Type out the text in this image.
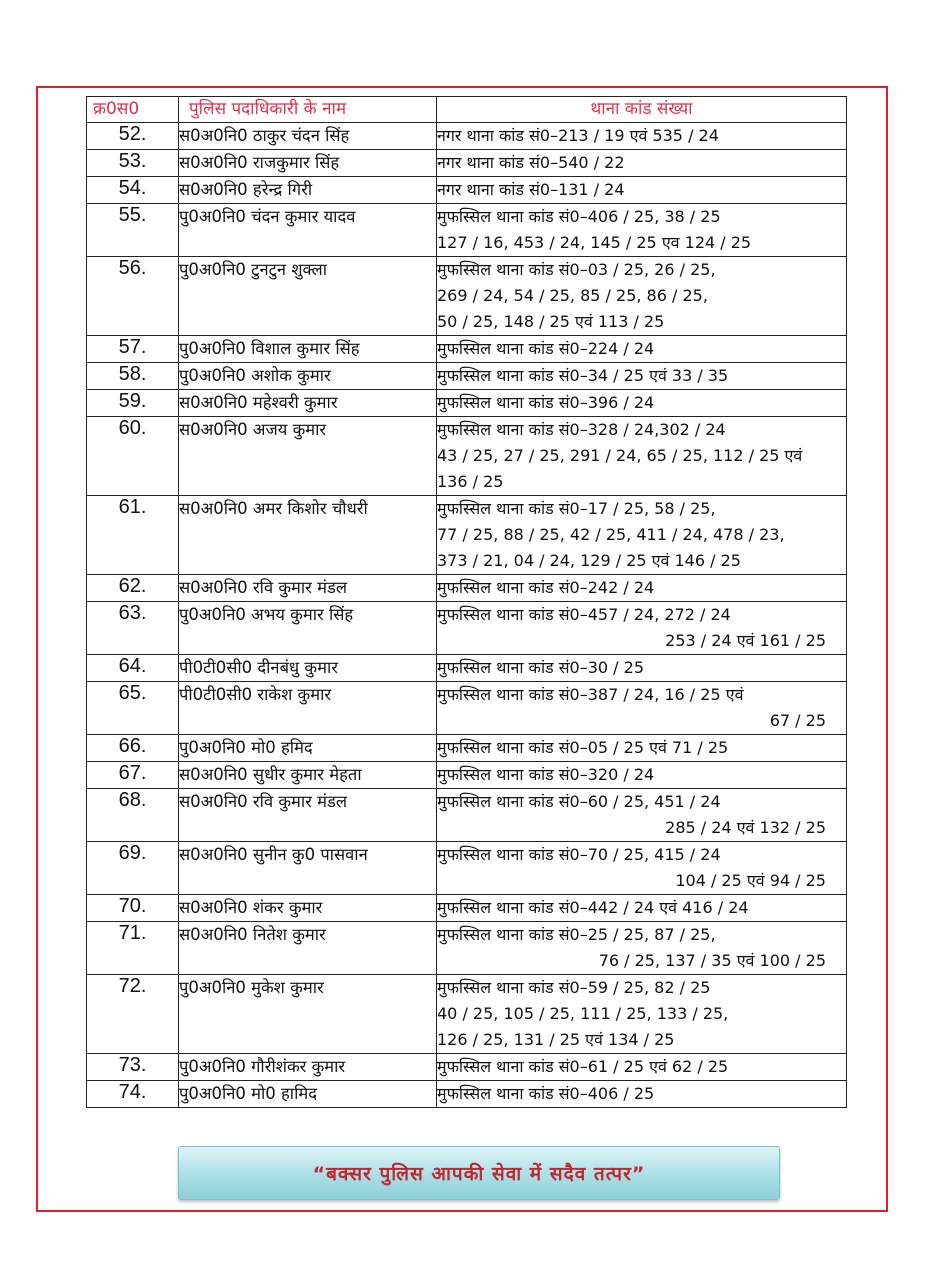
क्र0स0	पुलिस पदाधिकारी के नाम	थाना कांड संख्या
52.	स0अ0नि0 ठाकुर चंदन सिंह	नगर थाना कांड सं0–213 / 19 एवं 535 / 24

53.	स0अ0नि0 राजकुमार सिंह	नगर थाना कांड सं0–540 / 22

54.	स0अ0नि0 हरेन्द्र गिरी	नगर थाना कांड सं0–131 / 24

55.	पु0अ0नि0 चंदन कुमार यादव	मुफस्सिल थाना कांड सं0–406 / 25, 38 / 25
127 / 16, 453 / 24, 145 / 25 एव 124 / 25

56.	पु0अ0नि0 टुनटुन शुक्ला	मुफस्सिल थाना कांड सं0–03 / 25, 26 / 25,
269 / 24, 54 / 25, 85 / 25, 86 / 25,
50 / 25, 148 / 25 एवं 113 / 25

57.	पु0अ0नि0 विशाल कुमार सिंह	मुफस्सिल थाना कांड सं0–224 / 24

58.	पु0अ0नि0 अशोक कुमार	मुफस्सिल थाना कांड सं0–34 / 25 एवं 33 / 35

59.	स0अ0नि0 महेश्वरी कुमार	मुफस्सिल थाना कांड सं0–396 / 24

60.	स0अ0नि0 अजय कुमार	मुफस्सिल थाना कांड सं0–328 / 24,302 / 24
43 / 25, 27 / 25, 291 / 24, 65 / 25, 112 / 25 एवं
136 / 25

61.	स0अ0नि0 अमर किशोर चौधरी	मुफस्सिल थाना कांड सं0–17 / 25, 58 / 25,
77 / 25, 88 / 25, 42 / 25, 411 / 24, 478 / 23,
373 / 21, 04 / 24, 129 / 25 एवं 146 / 25

62.	स0अ0नि0 रवि कुमार मंडल	मुफस्सिल थाना कांड सं0–242 / 24

63.	पु0अ0नि0 अभय कुमार सिंह	मुफस्सिल थाना कांड सं0–457 / 24, 272 / 24
253 / 24 एवं 161 / 25

64.	पी0टी0सी0 दीनबंधु कुमार	मुफस्सिल थाना कांड सं0–30 / 25

65.	पी0टी0सी0 राकेश कुमार	मुफस्सिल थाना कांड सं0–387 / 24, 16 / 25 एवं
67 / 25

66.	पु0अ0नि0 मो0 हमिद	मुफस्सिल थाना कांड सं0–05 / 25 एवं 71 / 25

67.	स0अ0नि0 सुधीर कुमार मेहता	मुफस्सिल थाना कांड सं0–320 / 24

68.	स0अ0नि0 रवि कुमार मंडल	मुफस्सिल थाना कांड सं0–60 / 25, 451 / 24
285 / 24 एवं 132 / 25

69.	स0अ0नि0 सुनीन कु0 पासवान	मुफस्सिल थाना कांड सं0–70 / 25, 415 / 24
104 / 25 एवं 94 / 25

70.	स0अ0नि0 शंकर कुमार	मुफस्सिल थाना कांड सं0–442 / 24 एवं 416 / 24

71.	स0अ0नि0 नितेश कुमार	मुफस्सिल थाना कांड सं0–25 / 25, 87 / 25,
76 / 25, 137 / 35 एवं 100 / 25

72.	पु0अ0नि0 मुकेश कुमार	मुफस्सिल थाना कांड सं0–59 / 25, 82 / 25
40 / 25, 105 / 25, 111 / 25, 133 / 25,
126 / 25, 131 / 25 एवं 134 / 25

73.	पु0अ0नि0 गौरीशंकर कुमार	मुफस्सिल थाना कांड सं0–61 / 25 एवं 62 / 25

74.	पु0अ0नि0 मो0 हामिद	मुफस्सिल थाना कांड सं0–406 / 25
“बक्सर पुलिस आपकी सेवा में सदैव तत्पर”
